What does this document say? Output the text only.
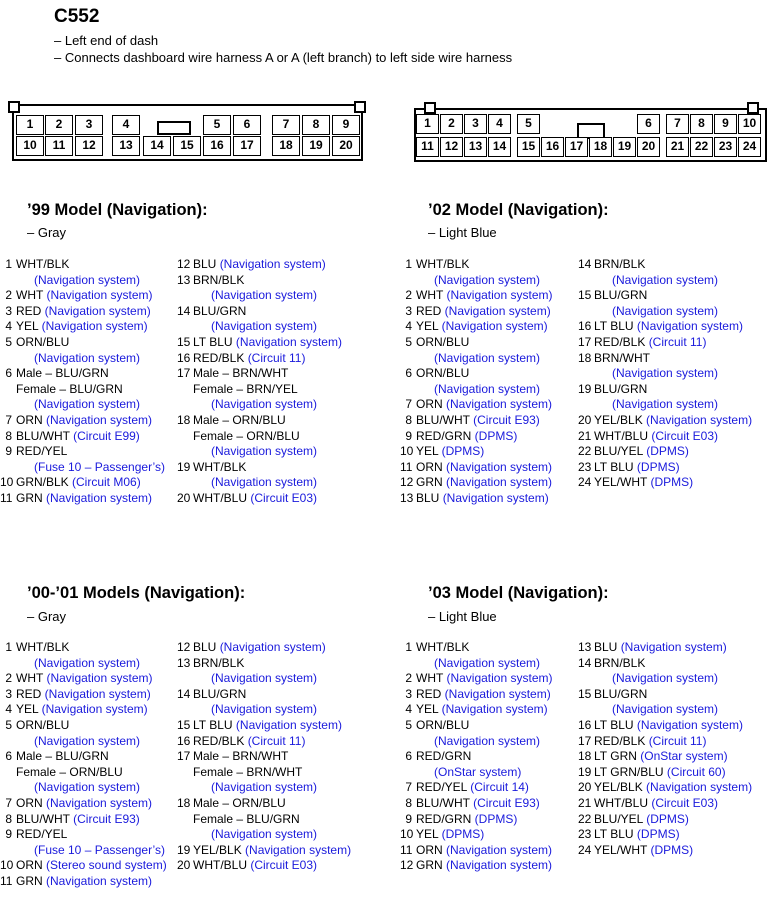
C552
– Left end of dash
– Connects dashboard wire harness A or A (left branch) to left side wire harness
1	2	3	4	5	6	7	8	9
10	11	12	13	14	15	16	17	18	19	20
1	2	3	4	5	6	7	8	9	10
11 12 13 14	15 16 17 18 19 20	21 22 23 24
’99 Model (Navigation):
– Gray
1 WHT/BLK
(Navigation system)
2 WHT (Navigation system)
3 RED (Navigation system)
4 YEL (Navigation system)
5 ORN/BLU
(Navigation system)
6 Male – BLU/GRN
Female – BLU/GRN
(Navigation system)
7 ORN (Navigation system)
8 BLU/WHT (Circuit E99)
9 RED/YEL
(Fuse 10 – Passenger’s)
10 GRN/BLK (Circuit M06)
11 GRN (Navigation system)
12 BLU (Navigation system)
13 BRN/BLK
(Navigation system)
14 BLU/GRN
(Navigation system)
15 LT BLU (Navigation system)
16 RED/BLK (Circuit 11)
17 Male – BRN/WHT
Female – BRN/YEL
(Navigation system)
18 Male – ORN/BLU
Female – ORN/BLU
(Navigation system)
19 WHT/BLK
(Navigation system)
20 WHT/BLU (Circuit E03)
’02 Model (Navigation):
– Light Blue
1 WHT/BLK
(Navigation system)
2 WHT (Navigation system)
3 RED (Navigation system)
4 YEL (Navigation system)
5 ORN/BLU
(Navigation system)
6 ORN/BLU
(Navigation system)
7 ORN (Navigation system)
8 BLU/WHT (Circuit E93)
9 RED/GRN (DPMS)
10 YEL (DPMS)
11 ORN (Navigation system)
12 GRN (Navigation system)
13 BLU (Navigation system)
14 BRN/BLK
(Navigation system)
15 BLU/GRN
(Navigation system)
16 LT BLU (Navigation system)
17 RED/BLK (Circuit 11)
18 BRN/WHT
(Navigation system)
19 BLU/GRN
(Navigation system)
20 YEL/BLK (Navigation system)
21 WHT/BLU (Circuit E03)
22 BLU/YEL (DPMS)
23 LT BLU (DPMS)
24 YEL/WHT (DPMS)
’00-’01 Models (Navigation):
– Gray
1 WHT/BLK
(Navigation system)
2 WHT (Navigation system)
3 RED (Navigation system)
4 YEL (Navigation system)
5 ORN/BLU
(Navigation system)
6 Male – BLU/GRN
Female – ORN/BLU
(Navigation system)
7 ORN (Navigation system)
8 BLU/WHT (Circuit E93)
9 RED/YEL
(Fuse 10 – Passenger’s)
10 ORN (Stereo sound system)
11 GRN (Navigation system)
12 BLU (Navigation system)
13 BRN/BLK
(Navigation system)
14 BLU/GRN
(Navigation system)
15 LT BLU (Navigation system)
16 RED/BLK (Circuit 11)
17 Male – BRN/WHT
Female – BRN/WHT
(Navigation system)
18 Male – ORN/BLU
Female – BLU/GRN
(Navigation system)
19 YEL/BLK (Navigation system)
20 WHT/BLU (Circuit E03)
’03 Model (Navigation):
– Light Blue
1 WHT/BLK
(Navigation system)
2 WHT (Navigation system)
3 RED (Navigation system)
4 YEL (Navigation system)
5 ORN/BLU
(Navigation system)
6 RED/GRN
(OnStar system)
7 RED/YEL (Circuit 14)
8 BLU/WHT (Circuit E93)
9 RED/GRN (DPMS)
10 YEL (DPMS)
11 ORN (Navigation system)
12 GRN (Navigation system)
13 BLU (Navigation system)
14 BRN/BLK
(Navigation system)
15 BLU/GRN
(Navigation system)
16 LT BLU (Navigation system)
17 RED/BLK (Circuit 11)
18 LT GRN (OnStar system)
19 LT GRN/BLU (Circuit 60)
20 YEL/BLK (Navigation system)
21 WHT/BLU (Circuit E03)
22 BLU/YEL (DPMS)
23 LT BLU (DPMS)
24 YEL/WHT (DPMS)
